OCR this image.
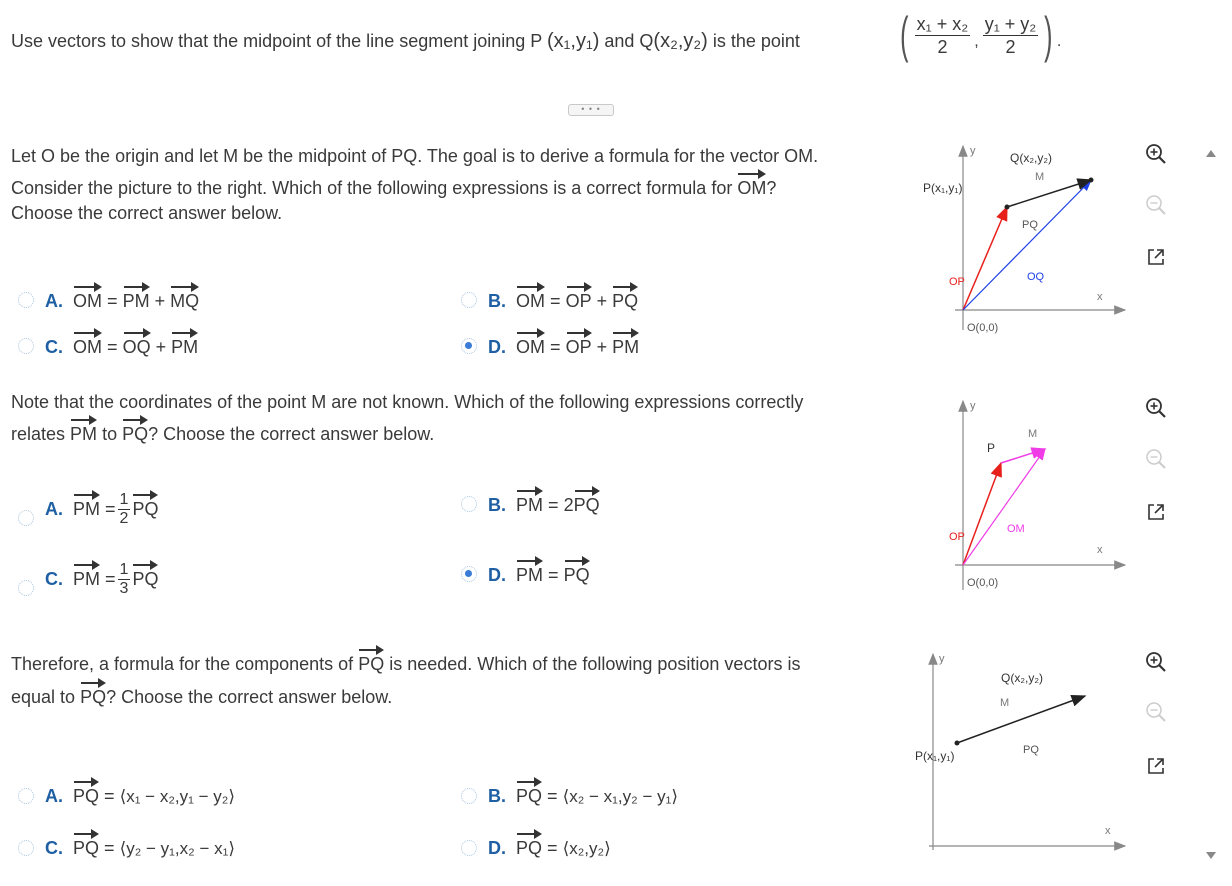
Use vectors to show that the midpoint of the line segment joining P (x₁,y₁) and Q(x₂,y₂) is the point ( $\frac{\text{x₁ + x₂}}{2}$ , $\frac{\text{y₁ + y₂}}{2}$ ) .
• • •
Let O be the origin and let M be the midpoint of PQ. The goal is to derive a formula for the vector OM.
Consider the picture to the right. Which of the following expressions is a correct formula for OM?
Choose the correct answer below.
A. OM = PM + MQ	B. OM = OP + PQ
C. OM = OQ + PM	D. OM = OP + PM
Note that the coordinates of the point M are not known. Which of the following expressions correctly
relates PM to PQ? Choose the correct answer below.
A.
PM
= $\frac{1}{2}$ PQ	B. PM = 2PQ
C.
PM
= $\frac{1}{3}$ PQ	D. PM = PQ
Therefore, a formula for the components of PQ is needed. Which of the following position vectors is
equal to PQ? Choose the correct answer below.
A. PQ = ⟨x₁ − x₂,y₁ − y₂⟩	B. PQ = ⟨x₂ − x₁,y₂ − y₁⟩
C. PQ = ⟨y₂ − y₁,x₂ − x₁⟩	D. PQ = ⟨x₂,y₂⟩
y
x
P(x₁,y₁)
Q(x₂,y₂)
M
PQ
OQ
OP
O(0,0)
y
x
P
M
OM
OP
O(0,0)
y
x
P(x₁,y₁)
Q(x₂,y₂)
M
PQ
